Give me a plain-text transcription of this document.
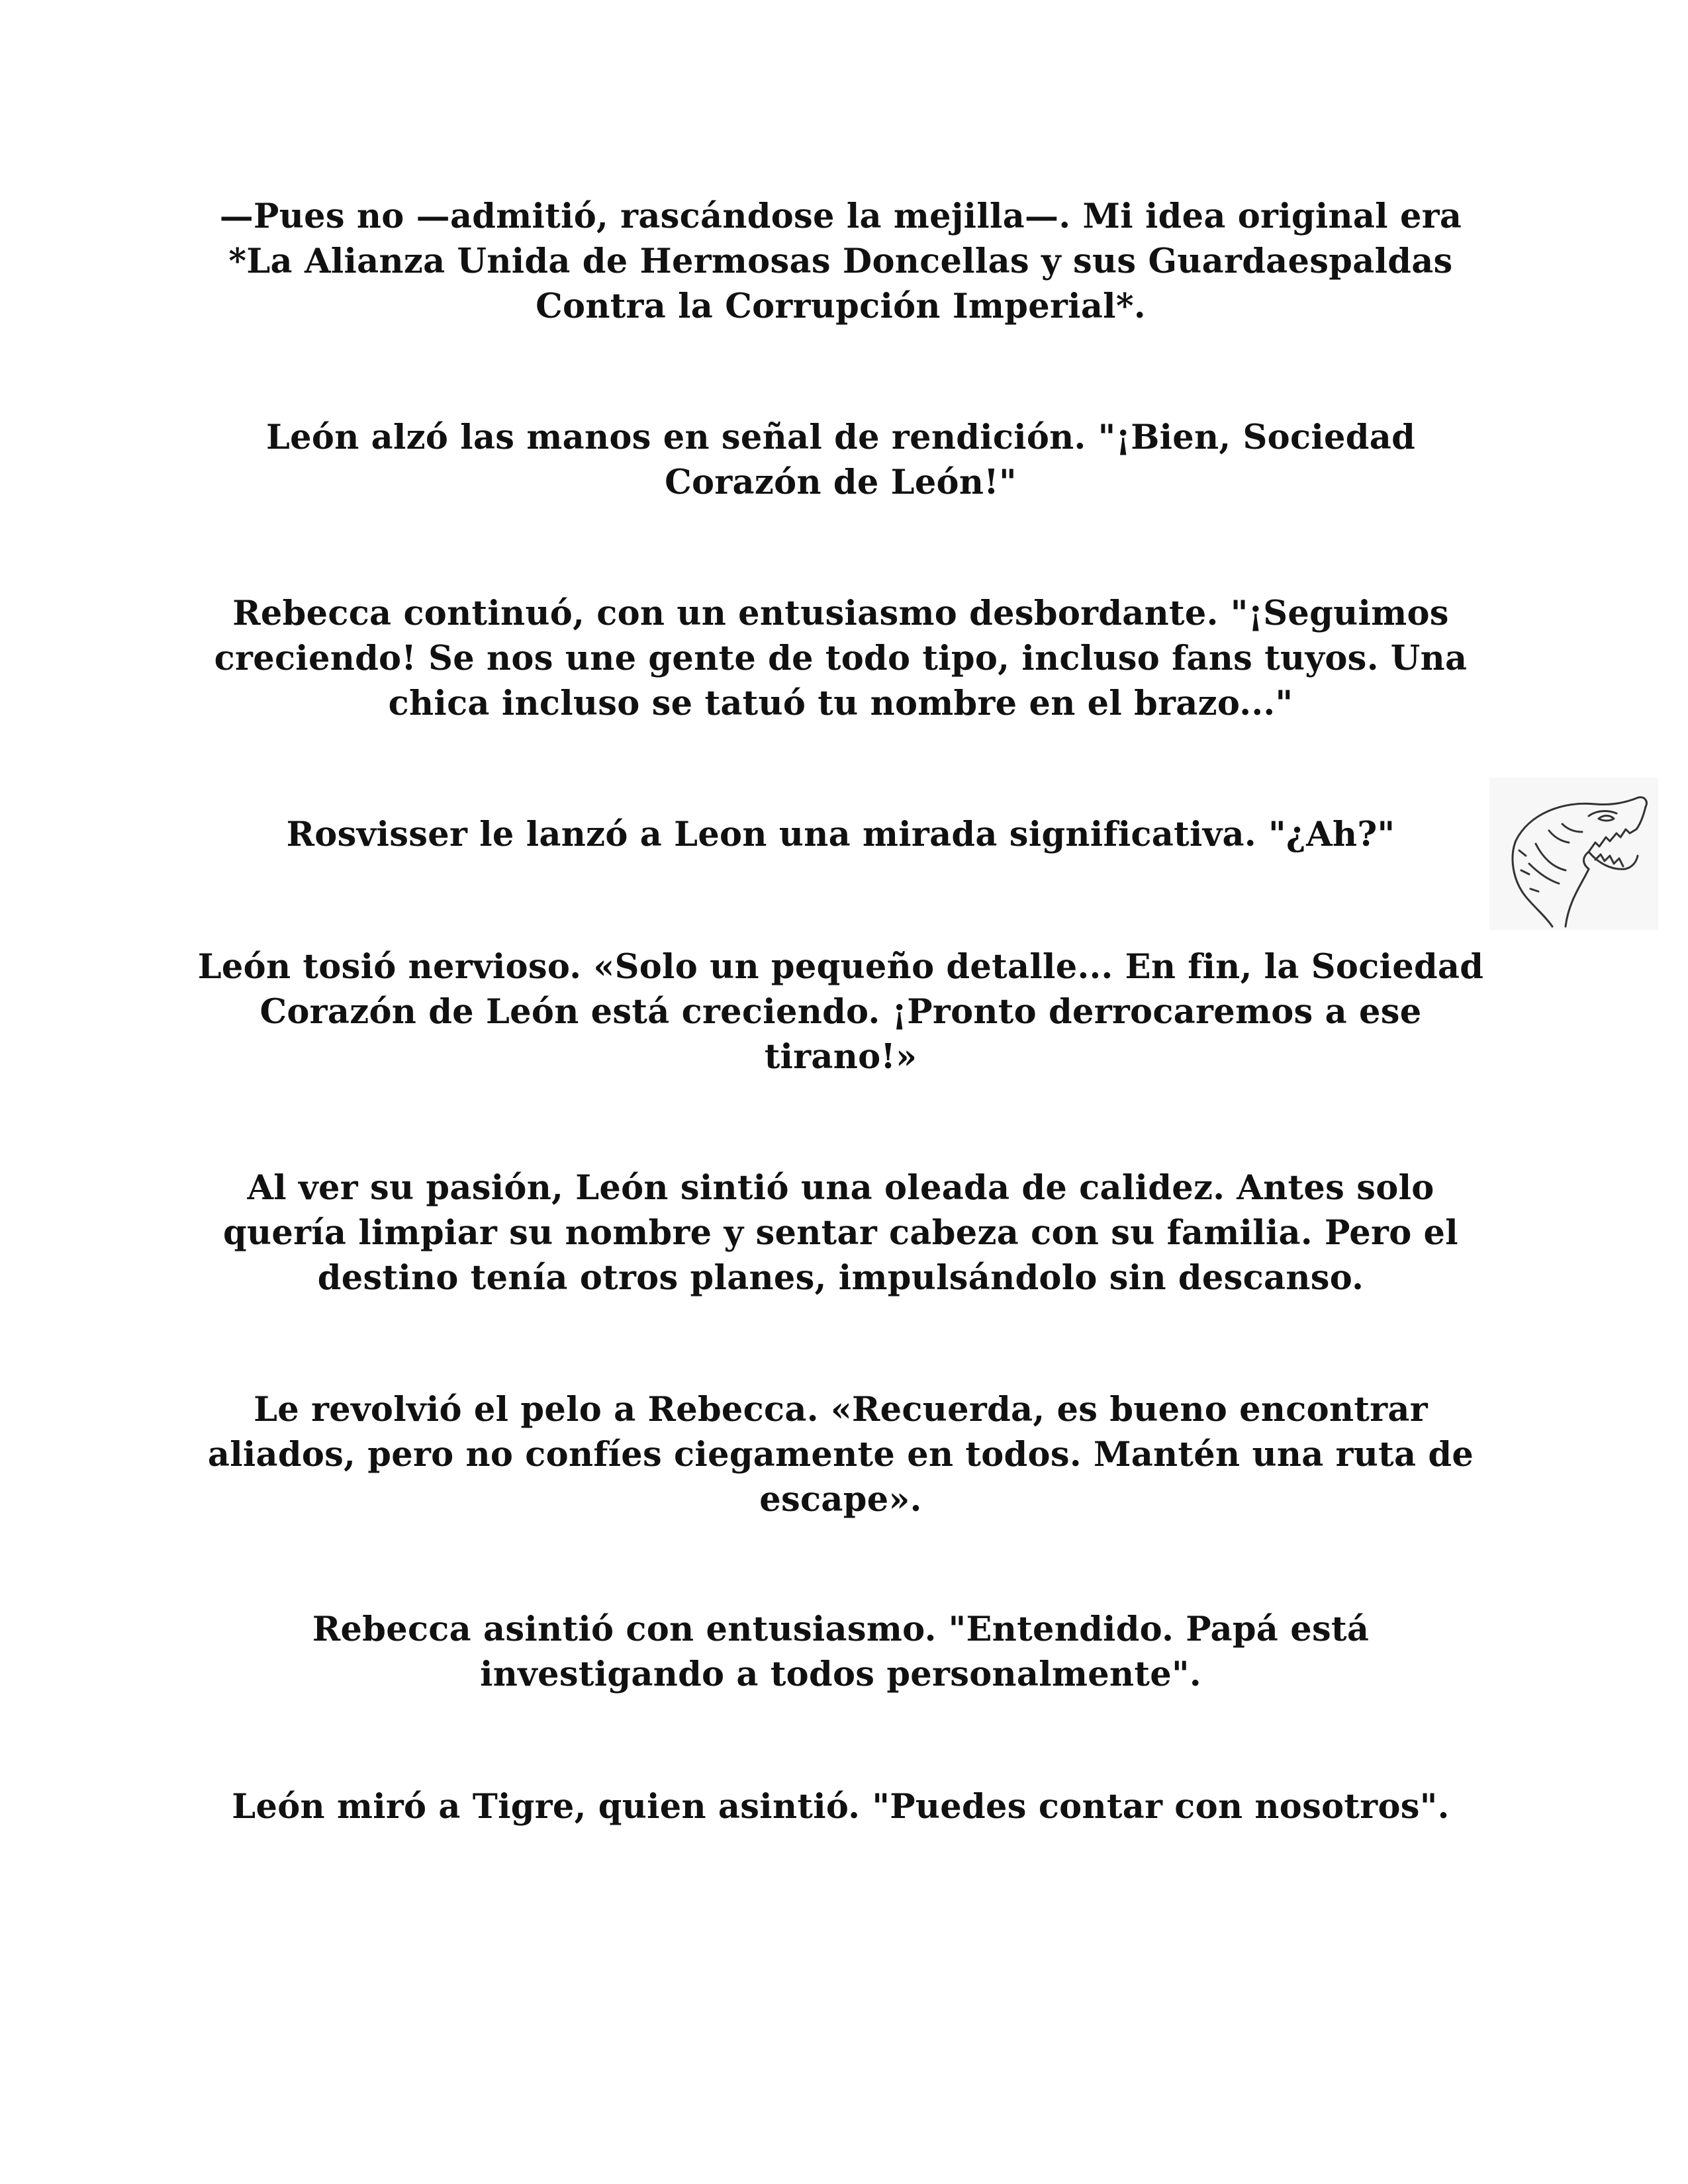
—Pues no —admitió, rascándose la mejilla—. Mi idea original era *La Alianza Unida de Hermosas Doncellas y sus Guardaespaldas Contra la Corrupción Imperial*.

León alzó las manos en señal de rendición. "¡Bien, Sociedad Corazón de León!"

Rebecca continuó, con un entusiasmo desbordante. "¡Seguimos creciendo! Se nos une gente de todo tipo, incluso fans tuyos. Una chica incluso se tatuó tu nombre en el brazo..."

Rosvisser le lanzó a Leon una mirada significativa. "¿Ah?"

León tosió nervioso. «Solo un pequeño detalle... En fin, la Sociedad Corazón de León está creciendo. ¡Pronto derrocaremos a ese tirano!»

Al ver su pasión, León sintió una oleada de calidez. Antes solo quería limpiar su nombre y sentar cabeza con su familia. Pero el destino tenía otros planes, impulsándolo sin descanso.

Le revolvió el pelo a Rebecca. «Recuerda, es bueno encontrar aliados, pero no confíes ciegamente en todos. Mantén una ruta de escape».

Rebecca asintió con entusiasmo. "Entendido. Papá está investigando a todos personalmente".

León miró a Tigre, quien asintió. "Puedes contar con nosotros".
